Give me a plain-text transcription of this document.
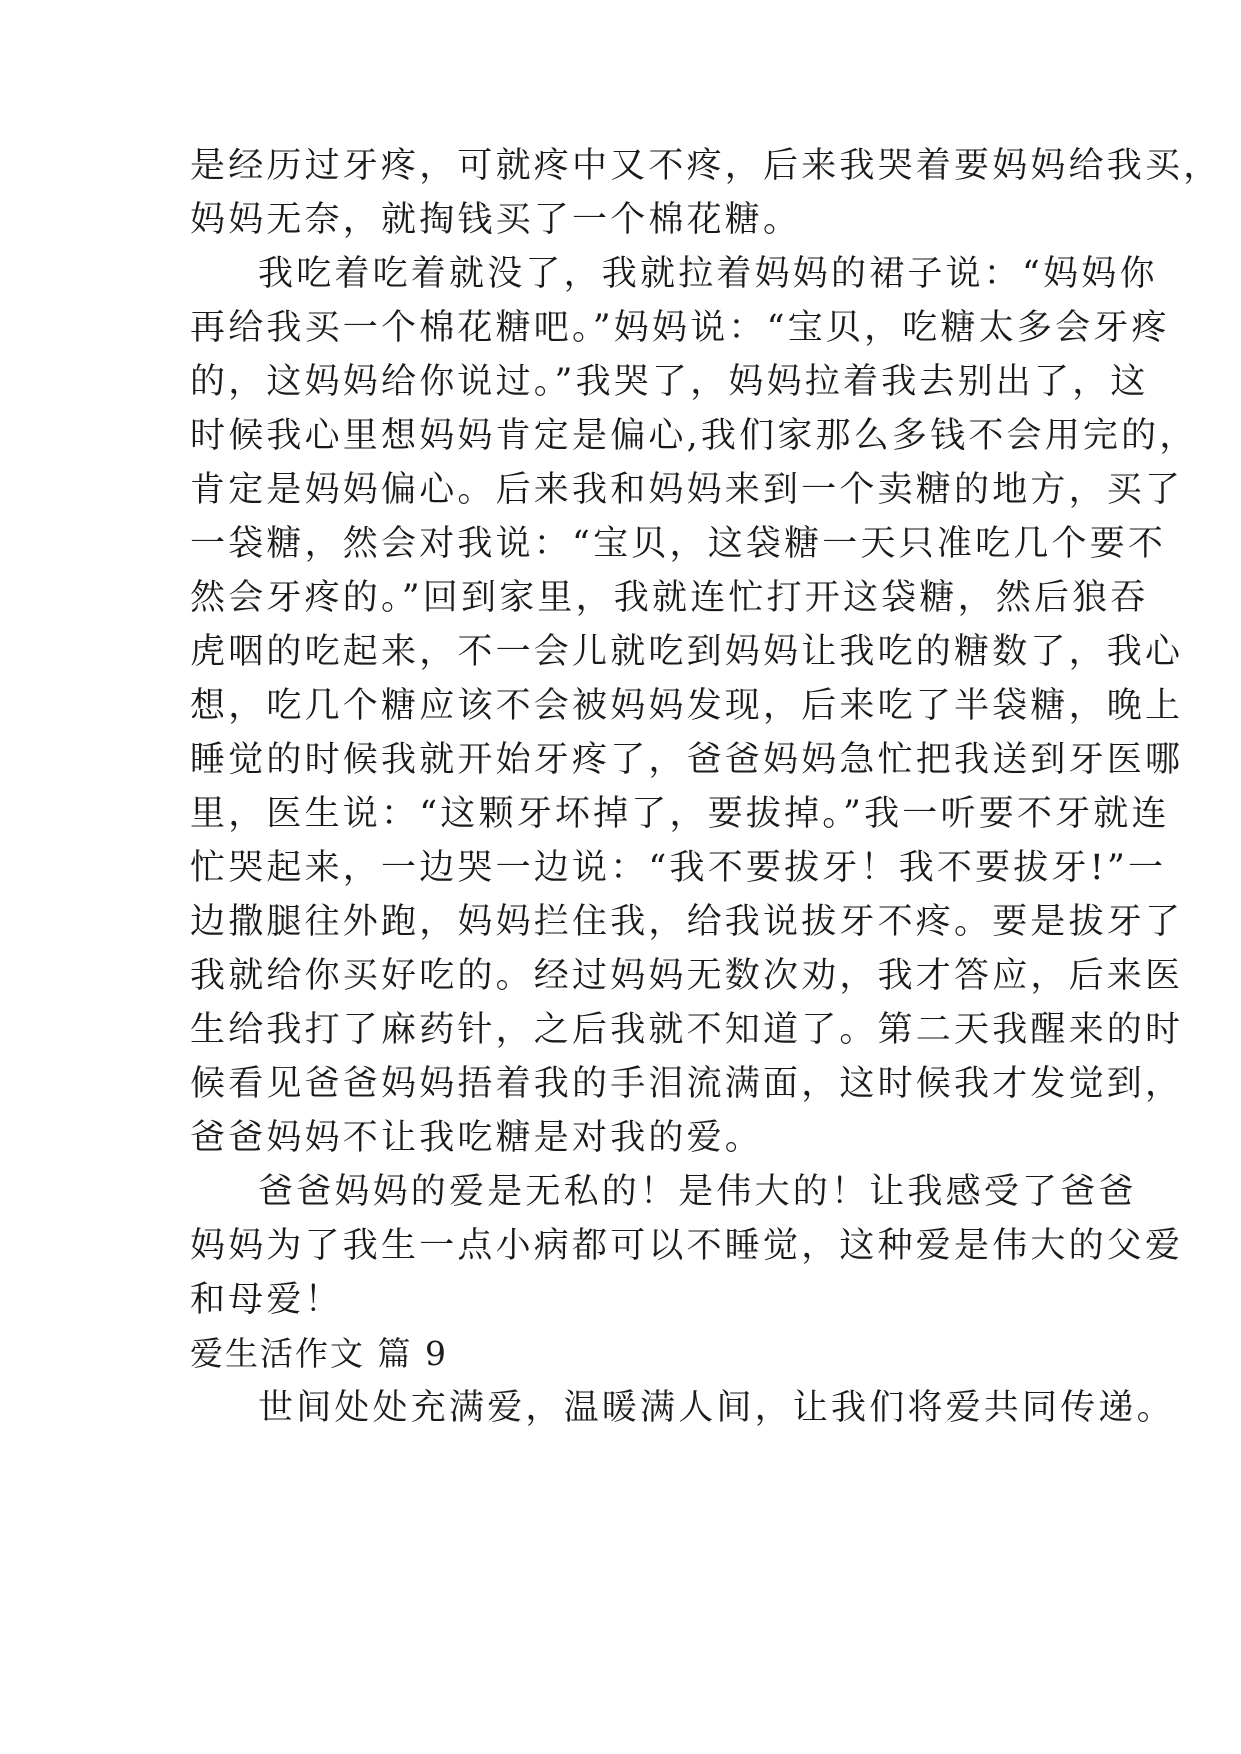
是经历过牙疼，可就疼中又不疼，后来我哭着要妈妈给我买，

妈妈无奈，就掏钱买了一个棉花糖。

我吃着吃着就没了，我就拉着妈妈的裙子说：“妈妈你

再给我买一个棉花糖吧。”妈妈说：“宝贝，吃糖太多会牙疼

的，这妈妈给你说过。”我哭了，妈妈拉着我去别出了，这

时候我心里想妈妈肯定是偏心,我们家那么多钱不会用完的，

肯定是妈妈偏心。后来我和妈妈来到一个卖糖的地方，买了

一袋糖，然会对我说：“宝贝，这袋糖一天只准吃几个要不

然会牙疼的。”回到家里，我就连忙打开这袋糖，然后狼吞

虎咽的吃起来，不一会儿就吃到妈妈让我吃的糖数了，我心

想，吃几个糖应该不会被妈妈发现，后来吃了半袋糖，晚上

睡觉的时候我就开始牙疼了，爸爸妈妈急忙把我送到牙医哪

里，医生说：“这颗牙坏掉了，要拔掉。”我一听要不牙就连

忙哭起来，一边哭一边说：“我不要拔牙！我不要拔牙!”一

边撒腿往外跑，妈妈拦住我，给我说拔牙不疼。要是拔牙了

我就给你买好吃的。经过妈妈无数次劝，我才答应，后来医

生给我打了麻药针，之后我就不知道了。第二天我醒来的时

候看见爸爸妈妈捂着我的手泪流满面，这时候我才发觉到，

爸爸妈妈不让我吃糖是对我的爱。

爸爸妈妈的爱是无私的！是伟大的！让我感受了爸爸

妈妈为了我生一点小病都可以不睡觉，这种爱是伟大的父爱

和母爱！

爱生活作文 篇 9

世间处处充满爱，温暖满人间，让我们将爱共同传递。
